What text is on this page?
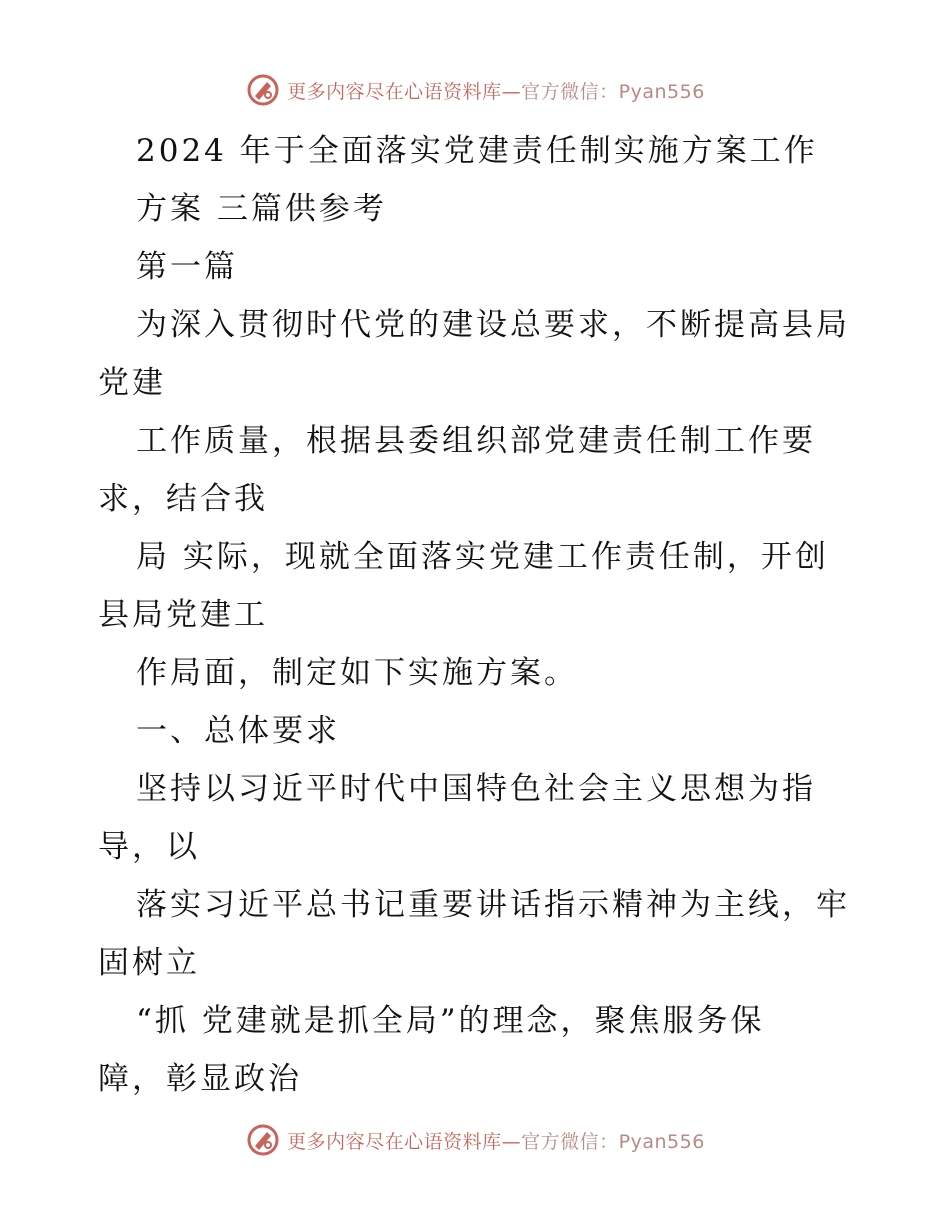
更多内容尽在心语资料库—官方微信：Pyan556
2024 年于全面落实党建责任制实施方案工作
方案 三篇供参考
第一篇
为深入贯彻时代党的建设总要求，不断提高县局
党建
工作质量，根据县委组织部党建责任制工作要
求，结合我
局 实际，现就全面落实党建工作责任制，开创
县局党建工
作局面，制定如下实施方案。
一、总体要求
坚持以习近平时代中国特色社会主义思想为指
导，以
落实习近平总书记重要讲话指示精神为主线，牢
固树立
“抓 党建就是抓全局”的理念，聚焦服务保
障，彰显政治
更多内容尽在心语资料库—官方微信：Pyan556
